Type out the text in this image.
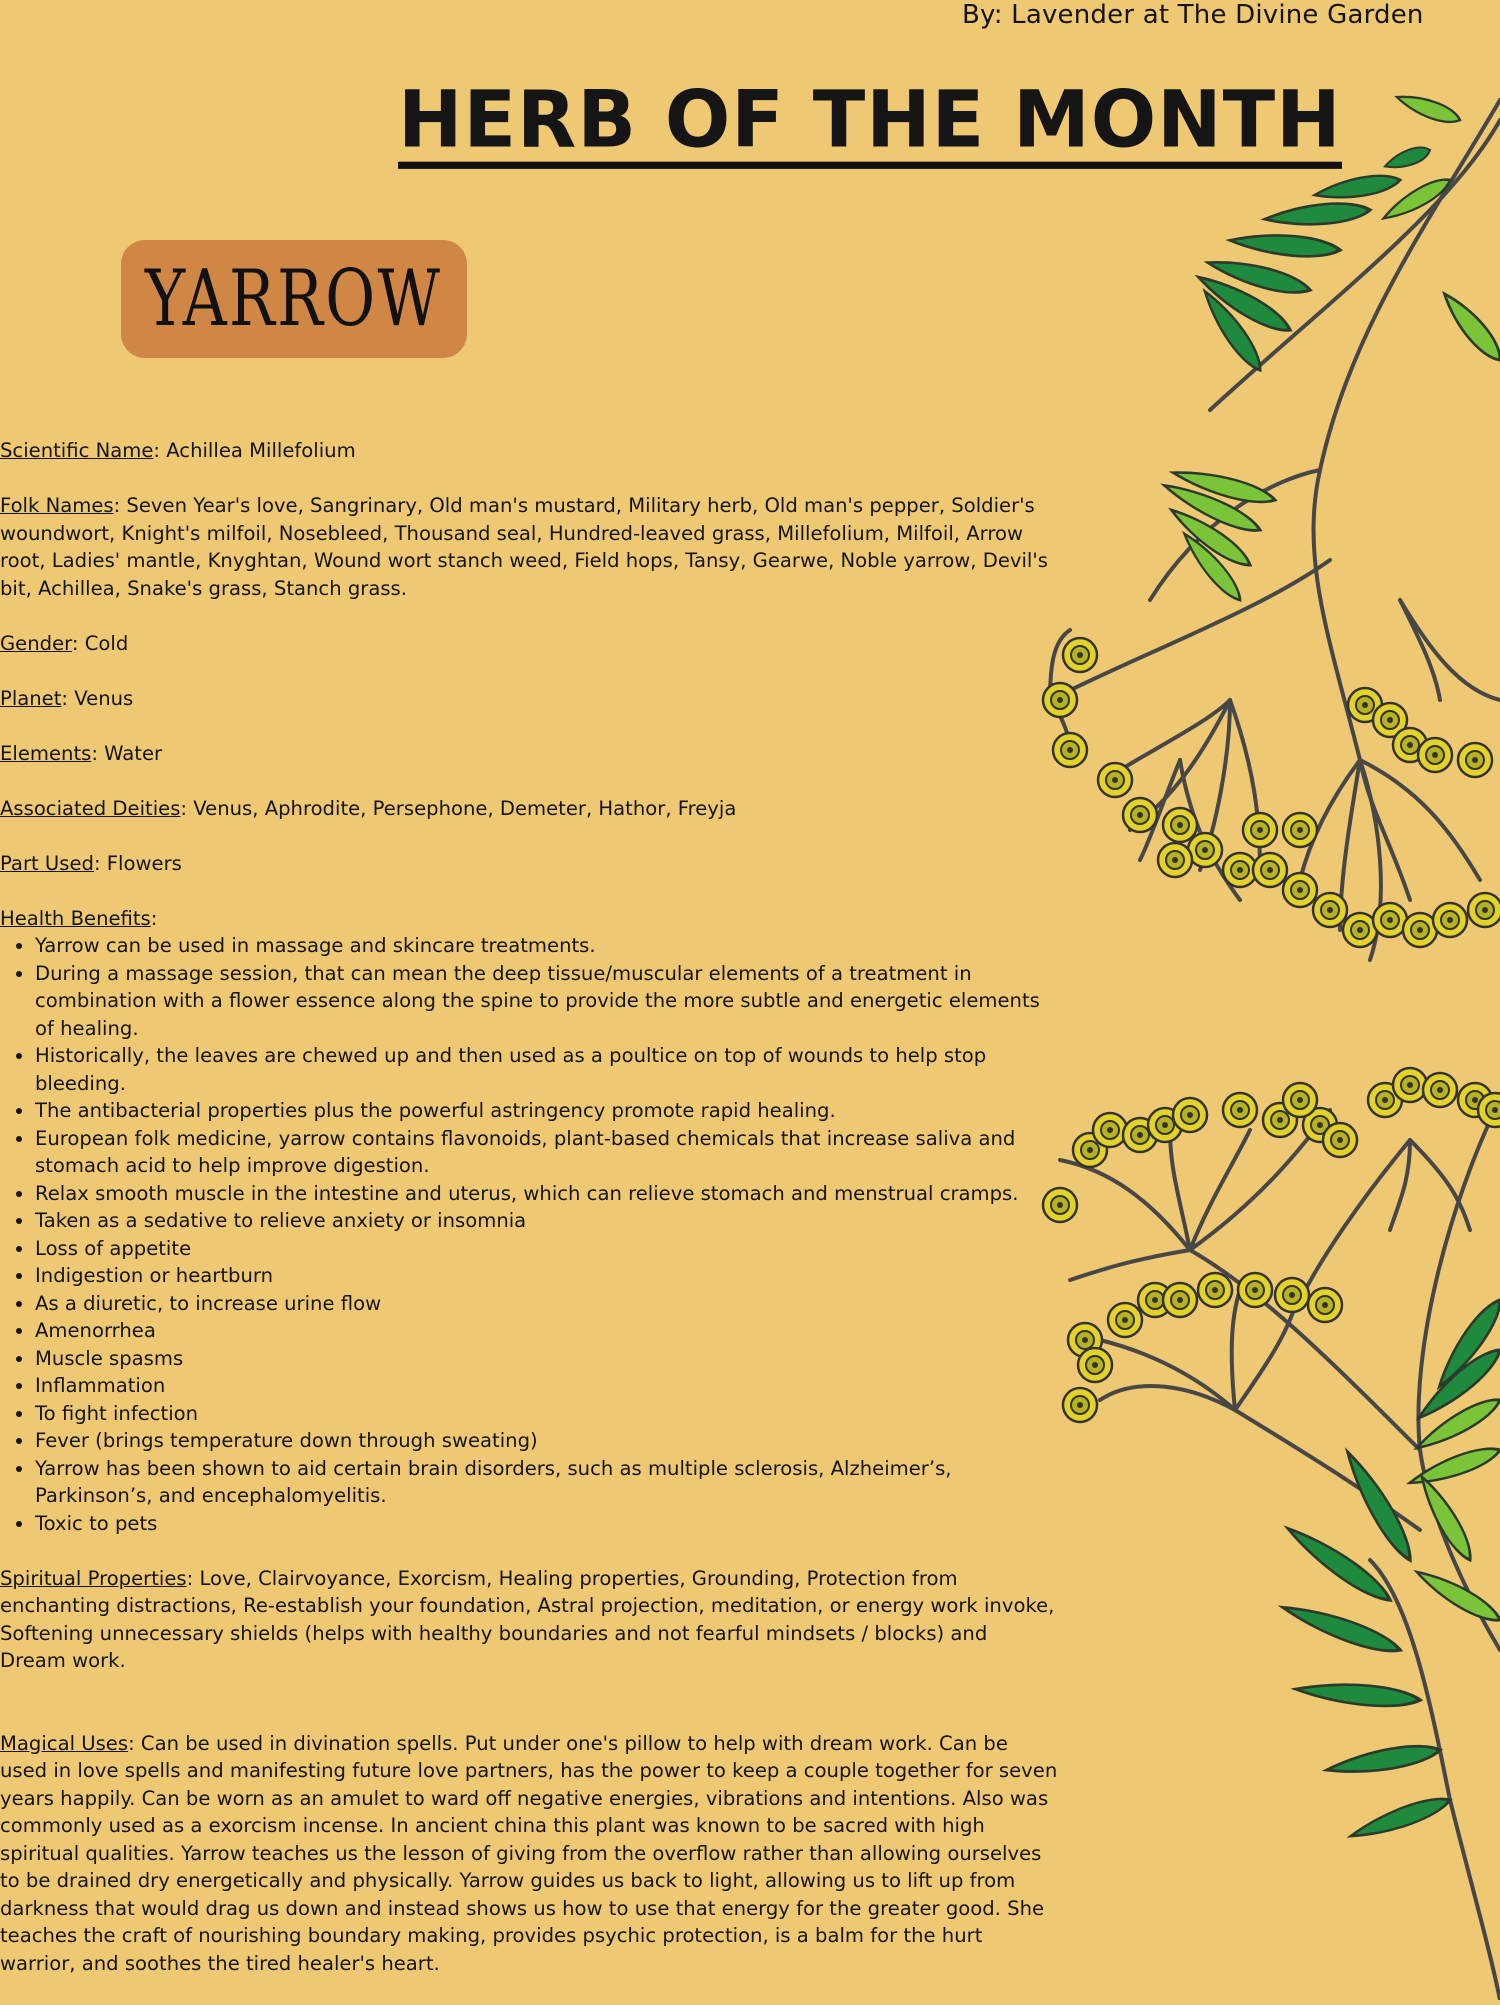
By: Lavender at The Divine Garden
HERB OF THE MONTH
YARROW

Scientific Name: Achillea Millefolium

Folk Names: Seven Year's love, Sangrinary, Old man's mustard, Military herb, Old man's pepper, Soldier's woundwort, Knight's milfoil, Nosebleed, Thousand seal, Hundred-leaved grass, Millefolium, Milfoil, Arrow root, Ladies' mantle, Knyghtan, Wound wort stanch weed, Field hops, Tansy, Gearwe, Noble yarrow, Devil's bit, Achillea, Snake's grass, Stanch grass.

Gender: Cold

Planet: Venus

Elements: Water

Associated Deities: Venus, Aphrodite, Persephone, Demeter, Hathor, Freyja

Part Used: Flowers

Health Benefits:

• Yarrow can be used in massage and skincare treatments.
• During a massage session, that can mean the deep tissue/muscular elements of a treatment in combination with a flower essence along the spine to provide the more subtle and energetic elements of healing.
• Historically, the leaves are chewed up and then used as a poultice on top of wounds to help stop bleeding.
• The antibacterial properties plus the powerful astringency promote rapid healing.
• European folk medicine, yarrow contains flavonoids, plant-based chemicals that increase saliva and stomach acid to help improve digestion.
• Relax smooth muscle in the intestine and uterus, which can relieve stomach and menstrual cramps.
• Taken as a sedative to relieve anxiety or insomnia
• Loss of appetite
• Indigestion or heartburn
• As a diuretic, to increase urine flow
• Amenorrhea
• Muscle spasms
• Inflammation
• To fight infection
• Fever (brings temperature down through sweating)
• Yarrow has been shown to aid certain brain disorders, such as multiple sclerosis, Alzheimer’s, Parkinson’s, and encephalomyelitis.
• Toxic to pets

Spiritual Properties: Love, Clairvoyance, Exorcism, Healing properties, Grounding, Protection from enchanting distractions, Re-establish your foundation, Astral projection, meditation, or energy work invoke, Softening unnecessary shields (helps with healthy boundaries and not fearful mindsets / blocks) and Dream work.

Magical Uses: Can be used in divination spells. Put under one's pillow to help with dream work. Can be used in love spells and manifesting future love partners, has the power to keep a couple together for seven years happily. Can be worn as an amulet to ward off negative energies, vibrations and intentions. Also was commonly used as a exorcism incense. In ancient china this plant was known to be sacred with high spiritual qualities. Yarrow teaches us the lesson of giving from the overflow rather than allowing ourselves to be drained dry energetically and physically. Yarrow guides us back to light, allowing us to lift up from darkness that would drag us down and instead shows us how to use that energy for the greater good. She teaches the craft of nourishing boundary making, provides psychic protection, is a balm for the hurt warrior, and soothes the tired healer's heart.
